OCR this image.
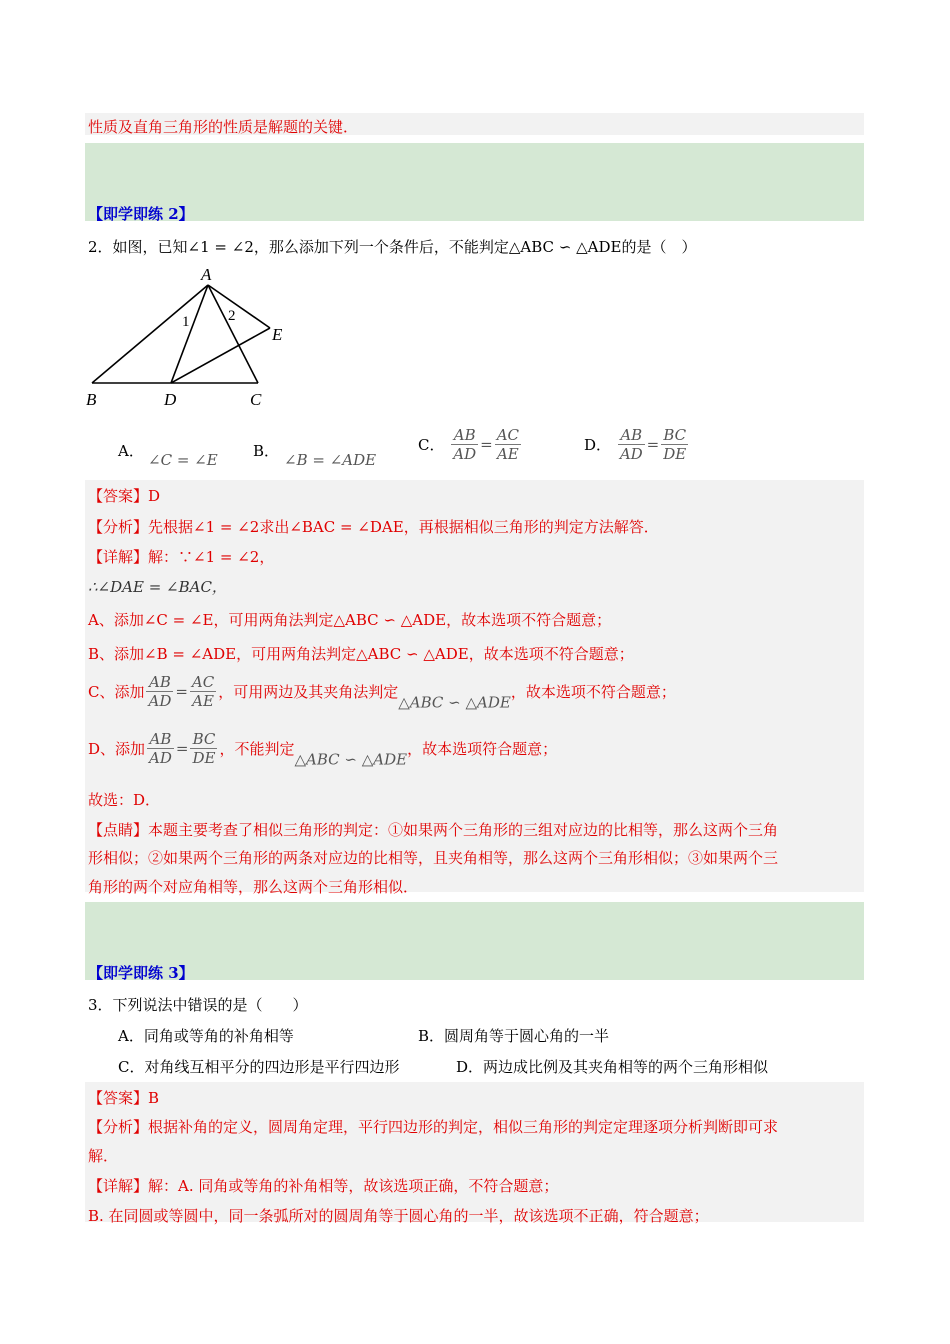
性质及直角三角形的性质是解题的关键．
【即学即练 2】
2．如图，已知∠1 = ∠2，那么添加下列一个条件后，不能判定△ABC ∽ △ADE的是（　）
A
B	D	C
E
1	2
A． ∠C = ∠E B． ∠B = ∠ADE
C． $\frac{AB}{AD} = \frac{AC}{AE}$	D． $\frac{AB}{AD} = \frac{BC}{DE}$
【答案】D
【分析】先根据∠1 = ∠2求出∠BAC = ∠DAE，再根据相似三角形的判定方法解答．
【详解】解：∵∠1 = ∠2，
∴∠DAE = ∠BAC，
A、添加∠C = ∠E，可用两角法判定△ABC ∽ △ADE，故本选项不符合题意；
B、添加∠B = ∠ADE，可用两角法判定△ABC ∽ △ADE，故本选项不符合题意；
C、添加 $\frac{AB}{AD} = \frac{AC}{AE}$ ，可用两边及其夹角法判定△ABC ∽ △ADE，故本选项不符合题意；
D、添加 $\frac{AB}{AD} = \frac{BC}{DE}$ ，不能判定△ABC ∽ △ADE，故本选项符合题意；
故选：D．
【点睛】本题主要考查了相似三角形的判定：①如果两个三角形的三组对应边的比相等，那么这两个三角
形相似；②如果两个三角形的两条对应边的比相等，且夹角相等，那么这两个三角形相似；③如果两个三
角形的两个对应角相等，那么这两个三角形相似．
【即学即练 3】
3．下列说法中错误的是（　　）
A．同角或等角的补角相等	B．圆周角等于圆心角的一半
C．对角线互相平分的四边形是平行四边形	D．两边成比例及其夹角相等的两个三角形相似
【答案】B
【分析】根据补角的定义，圆周角定理，平行四边形的判定，相似三角形的判定定理逐项分析判断即可求
解．
【详解】解：A. 同角或等角的补角相等，故该选项正确，不符合题意；
B. 在同圆或等圆中，同一条弧所对的圆周角等于圆心角的一半，故该选项不正确，符合题意；
